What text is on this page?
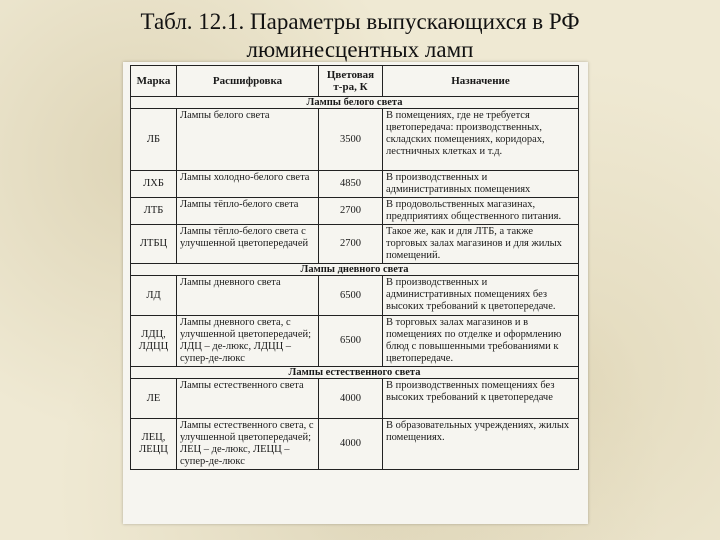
Табл. 12.1. Параметры выпускающихся в РФ
люминесцентных ламп
Марка	Расшифровка	Цветовая т-ра, К	Назначение
Лампы белого света			
ЛБ	Лампы белого света	3500	В помещениях, где не требуется цветопередача: производственных, складских помещениях, коридорах, лестничных клетках и т.д.
ЛХБ	Лампы холодно-белого света	4850	В производственных и административных помещениях
ЛТБ	Лампы тёпло-белого света	2700	В продовольственных магазинах, предприятиях общественного питания.
ЛТБЦ	Лампы тёпло-белого света с улучшенной цветопередачей	2700	Такое же, как и для ЛТБ, а также торговых залах магазинов и для жилых помещений.
Лампы дневного света			
ЛД	Лампы дневного света	6500	В производственных и административных помещениях без высоких требований к цветопередаче.
ЛДЦ, ЛДЦЦ	Лампы дневного света, с улучшенной цветопередачей; ЛДЦ – де-люкс, ЛДЦЦ – супер-де-люкс	6500	В торговых залах магазинов и в помещениях по отделке и оформлению блюд с повышенными требованиями к цветопередаче.
Лампы естественного света			
ЛЕ	Лампы естественного света	4000	В производственных помещениях без высоких требований к цветопередаче
ЛЕЦ, ЛЕЦЦ	Лампы естественного света, с улучшенной цветопередачей; ЛЕЦ – де-люкс, ЛЕЦЦ – супер-де-люкс	4000	В образовательных учреждениях, жилых помещениях.
